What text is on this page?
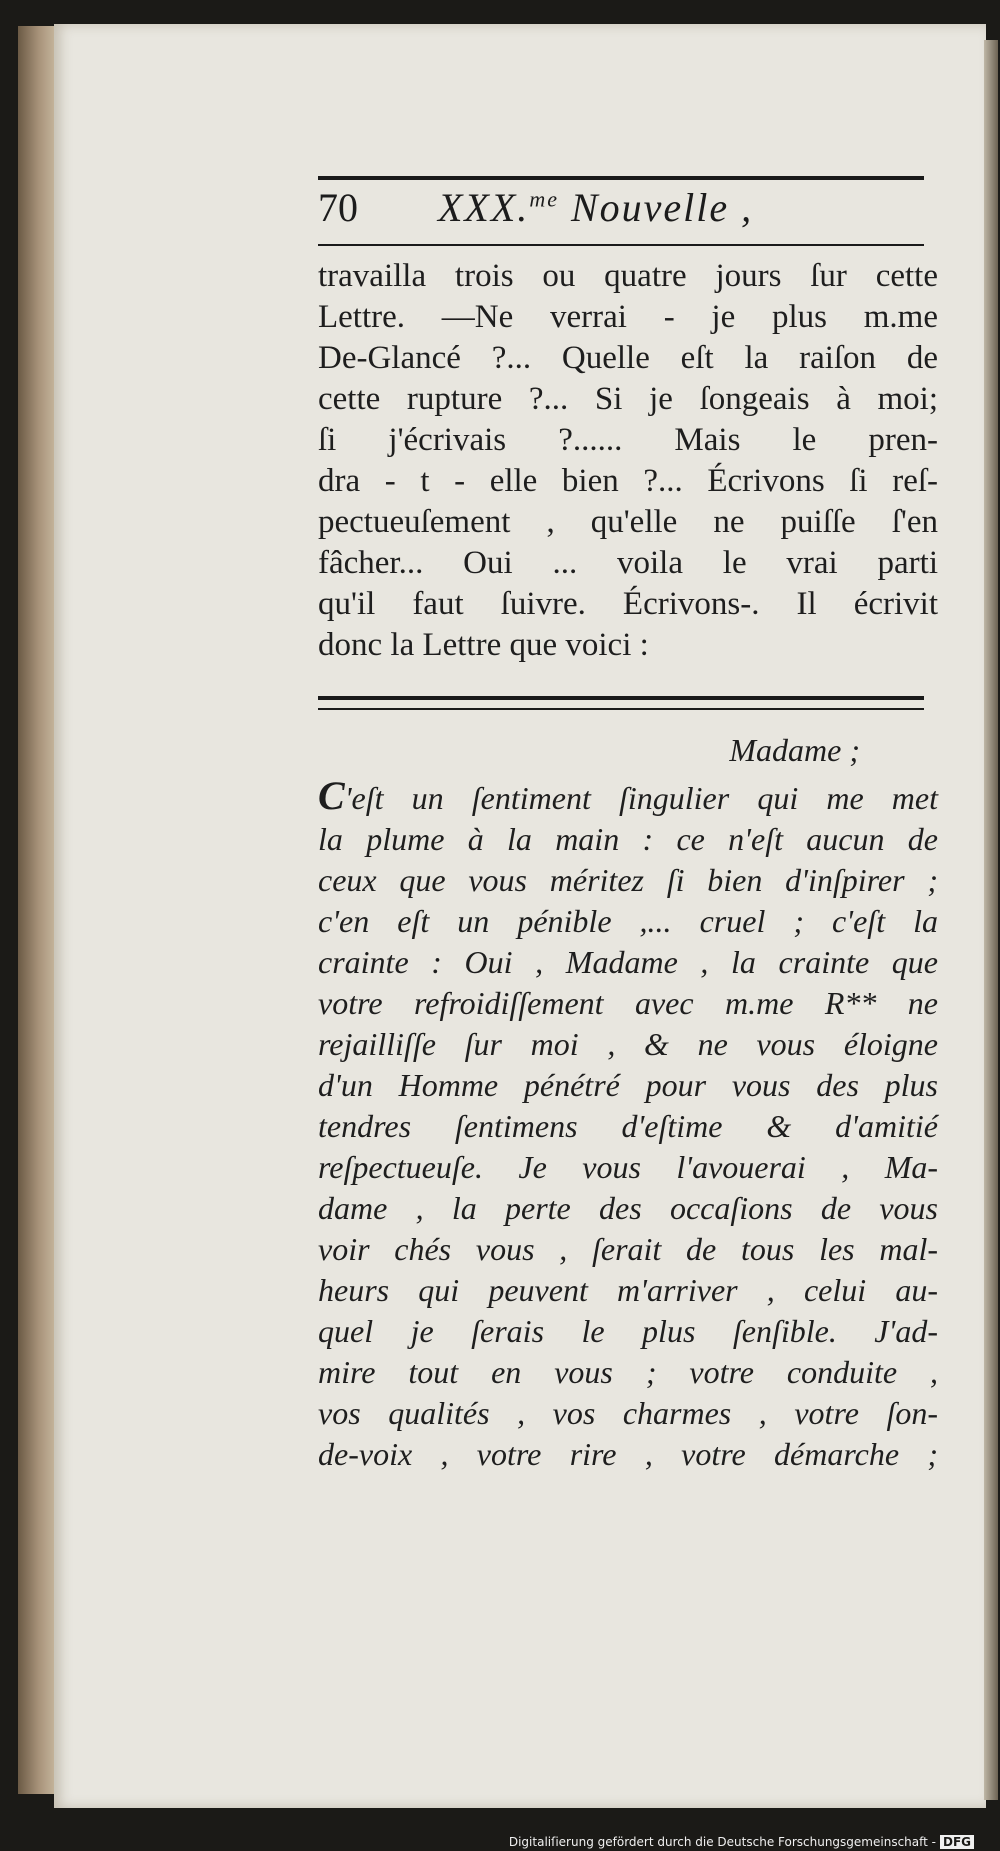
70 XXX.$^{me}$ Nouvelle ,
travailla trois ou quatre jours ſur cette
Lettre. —Ne verrai - je plus m.me
De-Glancé ?... Quelle eſt la raiſon de
cette rupture ?... Si je ſongeais à moi;
ſi j'écrivais ?...... Mais le pren-
dra - t - elle bien ?... Écrivons ſi reſ-
pectueuſement , qu'elle ne puiſſe ſ'en
fâcher... Oui ... voila le vrai parti
qu'il faut ſuivre. Écrivons-. Il écrivit
donc la Lettre que voici :
Madame ;
C'eſt un ſentiment ſingulier qui me met
la plume à la main : ce n'eſt aucun de
ceux que vous méritez ſi bien d'inſpirer ;
c'en eſt un pénible ,... cruel ; c'eſt la
crainte : Oui , Madame , la crainte que
votre refroidiſſement avec m.me R** ne
rejailliſſe ſur moi , & ne vous éloigne
d'un Homme pénétré pour vous des plus
tendres ſentimens d'eſtime & d'amitié
reſpectueuſe. Je vous l'avouerai , Ma-
dame , la perte des occaſions de vous
voir chés vous , ſerait de tous les mal-
heurs qui peuvent m'arriver , celui au-
quel je ſerais le plus ſenſible. J'ad-
mire tout en vous ; votre conduite ,
vos qualités , vos charmes , votre ſon-
de-voix , votre rire , votre démarche ;
Digitaliſierung gefördert durch die Deutsche Forschungsgemeinschaft - DFG
